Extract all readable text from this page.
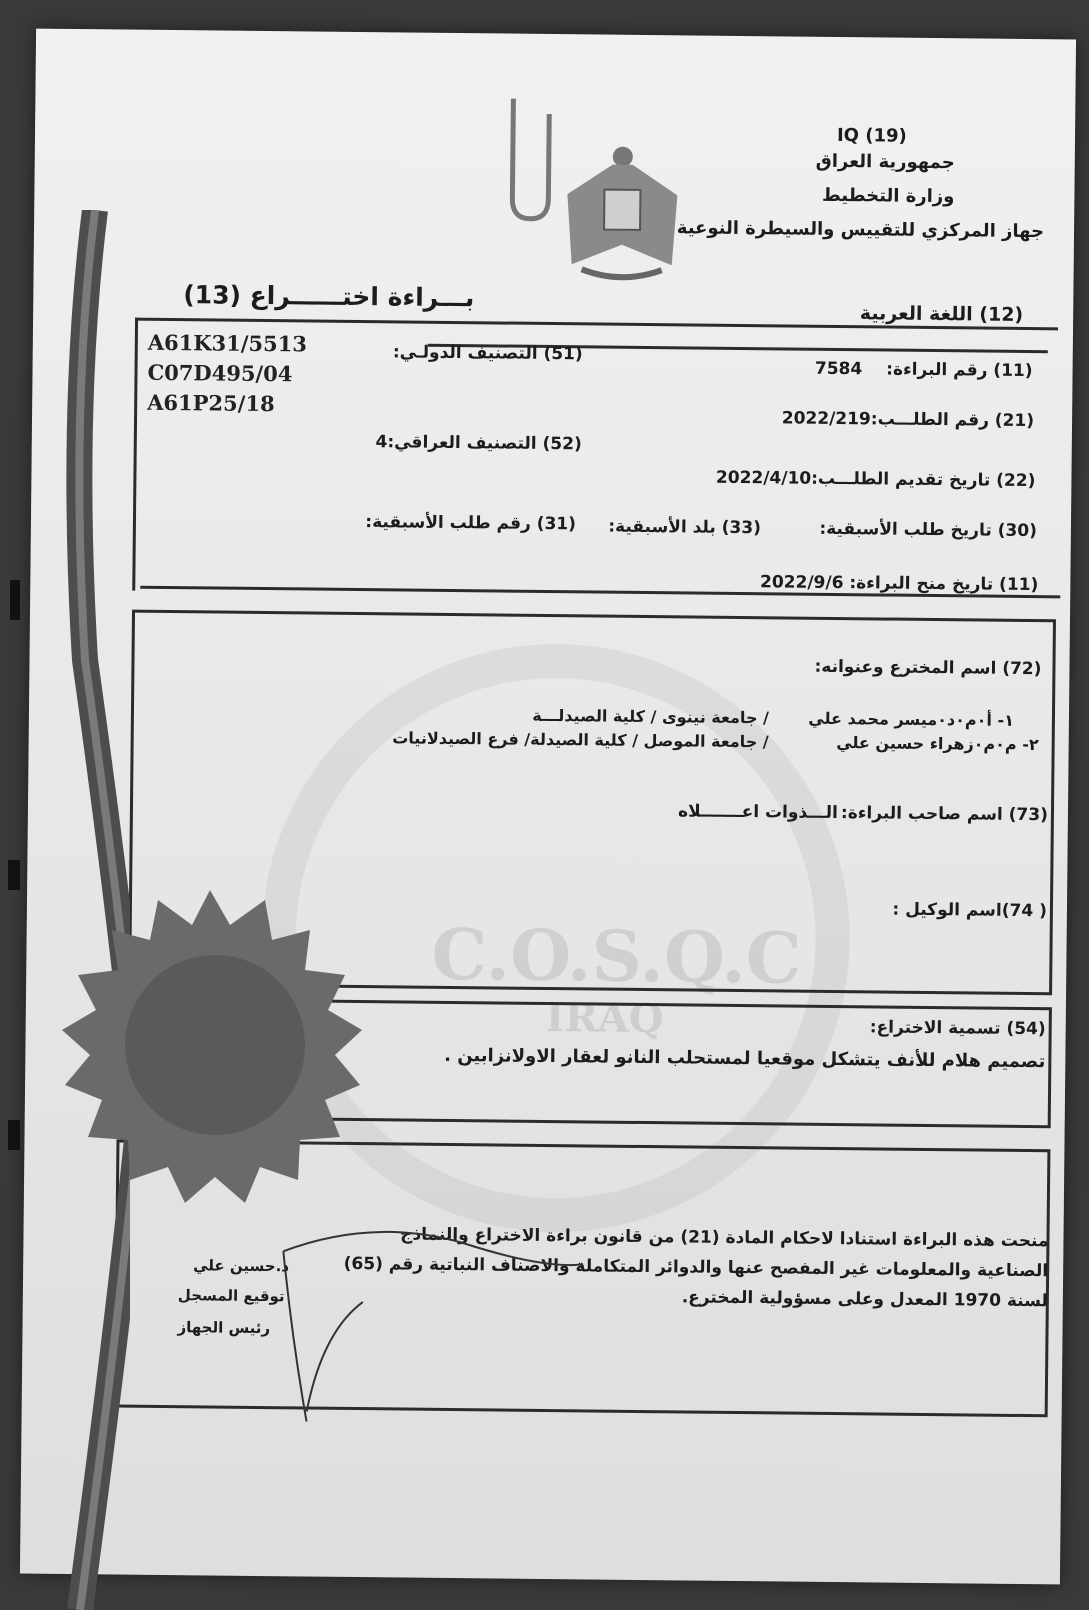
C.O.S.Q.C
IRAQ
IQ (19)
جمهورية العراق
وزارة التخطيط
جهاز المركزي للتقييس والسيطرة النوعية
(13) بـــراءة اختــــــراع
(12) اللغة العربية
A61K31/5513
C07D495/04
A61P25/18
(51) التصنيف الدولـي:
(52) التصنيف العراقي:4
(11) رقم البراءة: 7584
(21) رقم الطلـــب:2022/219
(22) تاريخ تقديم الطلـــب:2022/4/10
(30) تاريخ طلب الأسبقية:
(33) بلد الأسبقية:
(31) رقم طلب الأسبقية:
(11) تاريخ منح البراءة: 2022/9/6
(72) اسم المخترع وعنوانه:
١- أ٠م٠د٠ميسر محمد علي
/ جامعة نينوى / كلية الصيدلـــة
٢- م٠م٠زهراء حسين علي
/ جامعة الموصل / كلية الصيدلة/ فرع الصيدلانيات
(73) اسم صاحب البراءة:
الـــذوات اعـــــــلاه
( 74)اسم الوكيل :
(54) تسمية الاختراع:
تصميم هلام للأنف يتشكل موقعيا لمستحلب النانو لعقار الاولانزابين .
منحت هذه البراءة استنادا لاحكام المادة (21) من قانون براءة الاختراع والنماذج
الصناعية والمعلومات غير المفصح عنها والدوائر المتكاملة والاصناف النباتية رقم (65)
لسنة 1970 المعدل وعلى مسؤولية المخترع.
د.حسين علي
توقيع المسجل
رئيس الجهاز
